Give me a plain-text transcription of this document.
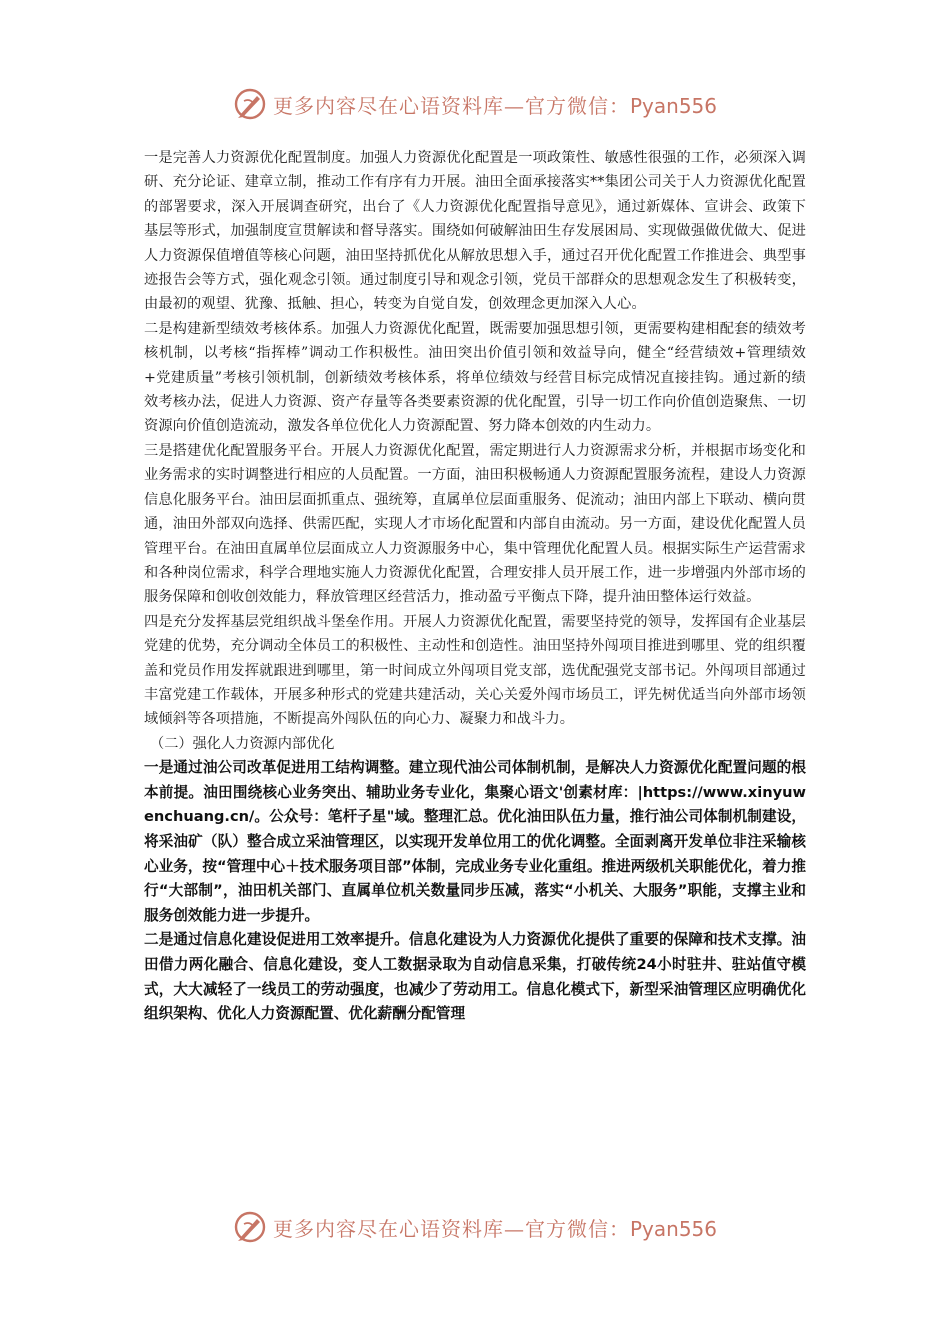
更多内容尽在心语资料库—官方微信：Pyan556

一是完善人力资源优化配置制度。加强人力资源优化配置是一项政策性、敏感性很强的工作，必须深入调研、充分论证、建章立制，推动工作有序有力开展。油田全面承接落实**集团公司关于人力资源优化配置的部署要求，深入开展调查研究，出台了《人力资源优化配置指导意见》，通过新媒体、宣讲会、政策下基层等形式，加强制度宣贯解读和督导落实。围绕如何破解油田生存发展困局、实现做强做优做大、促进人力资源保值增值等核心问题，油田坚持抓优化从解放思想入手，通过召开优化配置工作推进会、典型事迹报告会等方式，强化观念引领。通过制度引导和观念引领，党员干部群众的思想观念发生了积极转变，由最初的观望、犹豫、抵触、担心，转变为自觉自发，创效理念更加深入人心。

二是构建新型绩效考核体系。加强人力资源优化配置，既需要加强思想引领，更需要构建相配套的绩效考核机制，以考核“指挥棒”调动工作积极性。油田突出价值引领和效益导向，健全“经营绩效+管理绩效+党建质量”考核引领机制，创新绩效考核体系，将单位绩效与经营目标完成情况直接挂钩。通过新的绩效考核办法，促进人力资源、资产存量等各类要素资源的优化配置，引导一切工作向价值创造聚焦、一切资源向价值创造流动，激发各单位优化人力资源配置、努力降本创效的内生动力。

三是搭建优化配置服务平台。开展人力资源优化配置，需定期进行人力资源需求分析，并根据市场变化和业务需求的实时调整进行相应的人员配置。一方面，油田积极畅通人力资源配置服务流程，建设人力资源信息化服务平台。油田层面抓重点、强统筹，直属单位层面重服务、促流动；油田内部上下联动、横向贯通，油田外部双向选择、供需匹配，实现人才市场化配置和内部自由流动。另一方面，建设优化配置人员管理平台。在油田直属单位层面成立人力资源服务中心，集中管理优化配置人员。根据实际生产运营需求和各种岗位需求，科学合理地实施人力资源优化配置，合理安排人员开展工作，进一步增强内外部市场的服务保障和创收创效能力，释放管理区经营活力，推动盈亏平衡点下降，提升油田整体运行效益。

四是充分发挥基层党组织战斗堡垒作用。开展人力资源优化配置，需要坚持党的领导，发挥国有企业基层党建的优势，充分调动全体员工的积极性、主动性和创造性。油田坚持外闯项目推进到哪里、党的组织覆盖和党员作用发挥就跟进到哪里，第一时间成立外闯项目党支部，选优配强党支部书记。外闯项目部通过丰富党建工作载体，开展多种形式的党建共建活动，关心关爱外闯市场员工，评先树优适当向外部市场领域倾斜等各项措施，不断提高外闯队伍的向心力、凝聚力和战斗力。

（二）强化人力资源内部优化

一是通过油公司改革促进用工结构调整。建立现代油公司体制机制，是解决人力资源优化配置问题的根本前提。油田围绕核心业务突出、辅助业务专业化，集聚心语文'创素材库：|https://www.xinyuwenchuang.cn/。公众号：笔杆子星"域。整理汇总。优化油田队伍力量，推行油公司体制机制建设，将采油矿（队）整合成立采油管理区，以实现开发单位用工的优化调整。全面剥离开发单位非注采输核心业务，按“管理中心＋技术服务项目部”体制，完成业务专业化重组。推进两级机关职能优化，着力推行“大部制”，油田机关部门、直属单位机关数量同步压减，落实“小机关、大服务”职能，支撑主业和服务创效能力进一步提升。

二是通过信息化建设促进用工效率提升。信息化建设为人力资源优化提供了重要的保障和技术支撑。油田借力两化融合、信息化建设，变人工数据录取为自动信息采集，打破传统24小时驻井、驻站值守模式，大大减轻了一线员工的劳动强度，也减少了劳动用工。信息化模式下，新型采油管理区应明确优化组织架构、优化人力资源配置、优化薪酬分配管理

更多内容尽在心语资料库—官方微信：Pyan556
